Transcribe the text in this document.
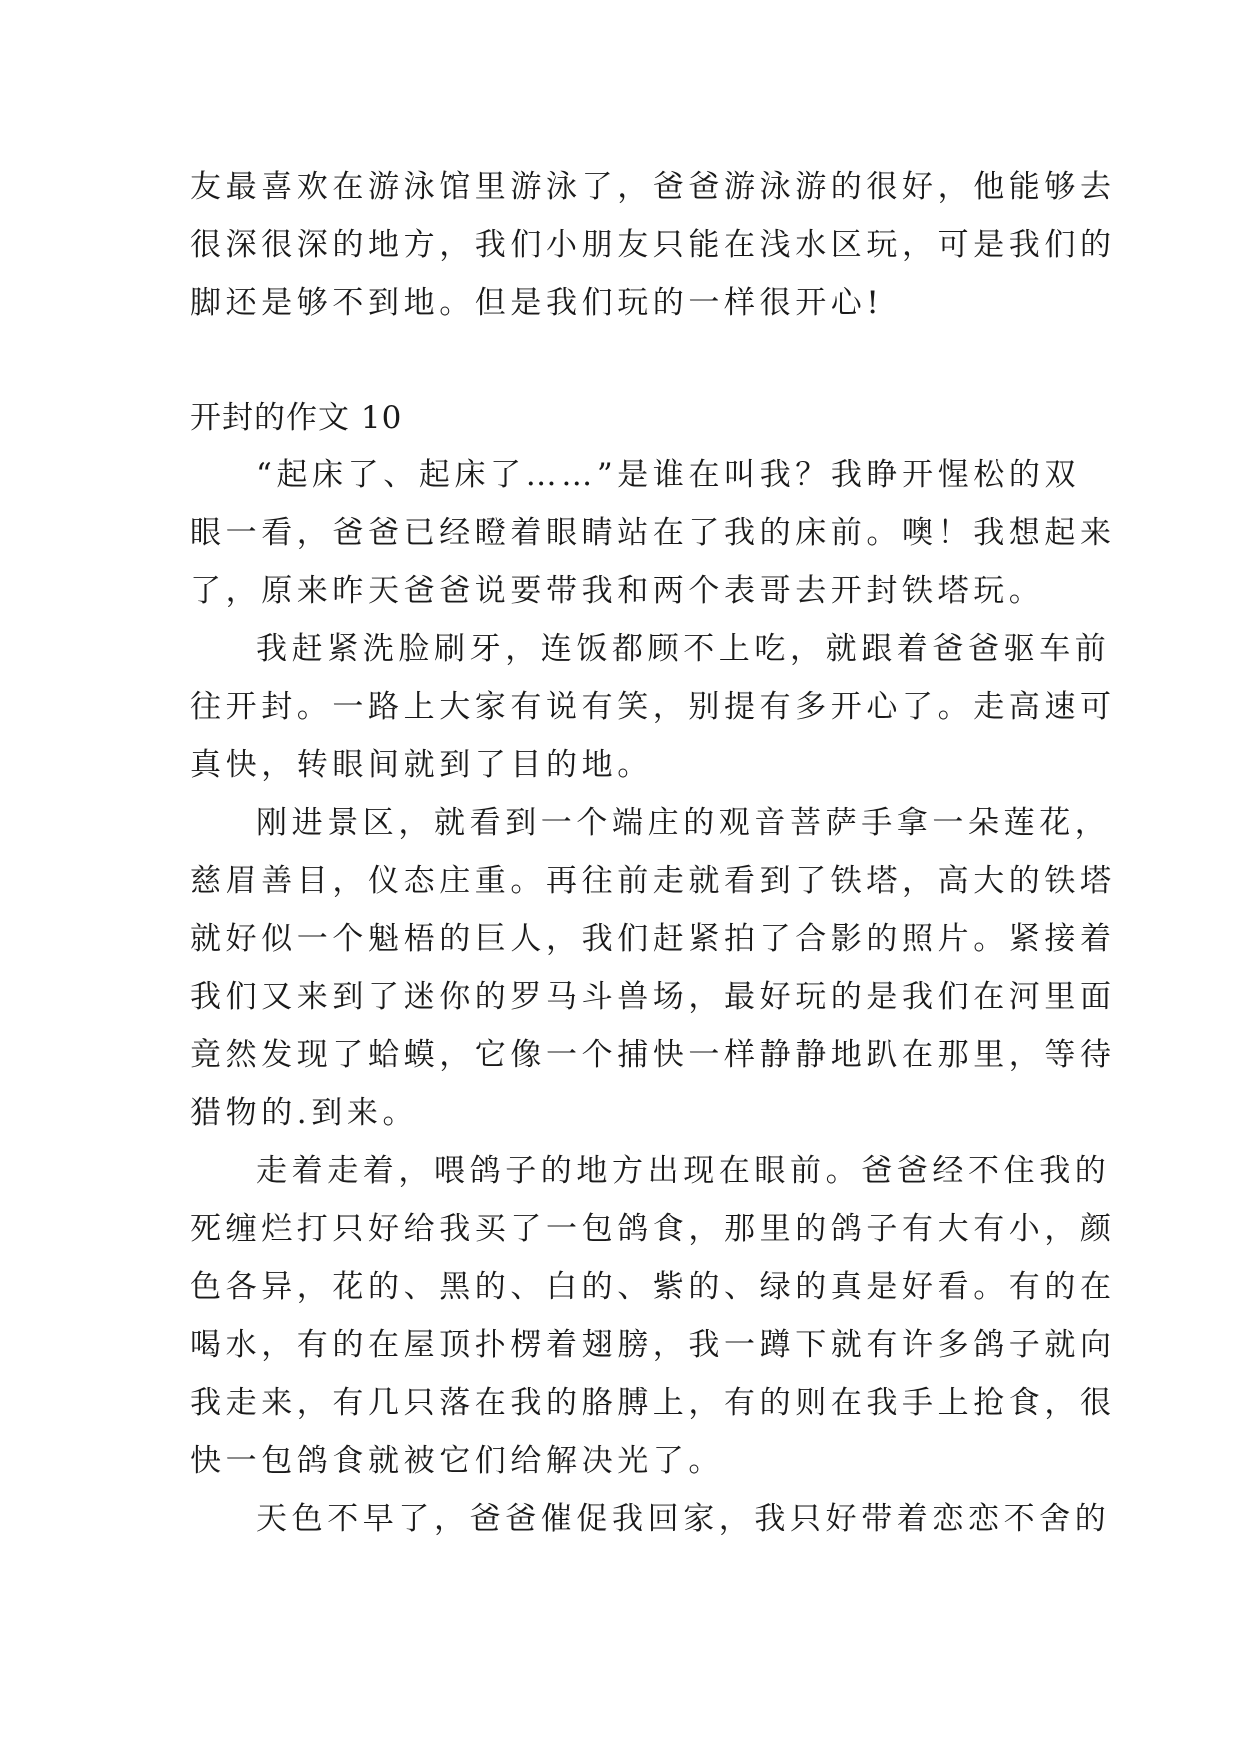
友最喜欢在游泳馆里游泳了，爸爸游泳游的很好，他能够去
很深很深的地方，我们小朋友只能在浅水区玩，可是我们的
脚还是够不到地。但是我们玩的一样很开心!
开封的作文 10
“起床了、起床了……”是谁在叫我？我睁开惺松的双
眼一看，爸爸已经瞪着眼睛站在了我的床前。噢！我想起来
了，原来昨天爸爸说要带我和两个表哥去开封铁塔玩。
我赶紧洗脸刷牙，连饭都顾不上吃，就跟着爸爸驱车前
往开封。一路上大家有说有笑，别提有多开心了。走高速可
真快，转眼间就到了目的地。
刚进景区，就看到一个端庄的观音菩萨手拿一朵莲花，
慈眉善目，仪态庄重。再往前走就看到了铁塔，高大的铁塔
就好似一个魁梧的巨人，我们赶紧拍了合影的照片。紧接着
我们又来到了迷你的罗马斗兽场，最好玩的是我们在河里面
竟然发现了蛤蟆，它像一个捕快一样静静地趴在那里，等待
猎物的.到来。
走着走着，喂鸽子的地方出现在眼前。爸爸经不住我的
死缠烂打只好给我买了一包鸽食，那里的鸽子有大有小，颜
色各异，花的、黑的、白的、紫的、绿的真是好看。有的在
喝水，有的在屋顶扑楞着翅膀，我一蹲下就有许多鸽子就向
我走来，有几只落在我的胳膊上，有的则在我手上抢食，很
快一包鸽食就被它们给解决光了。
天色不早了，爸爸催促我回家，我只好带着恋恋不舍的
